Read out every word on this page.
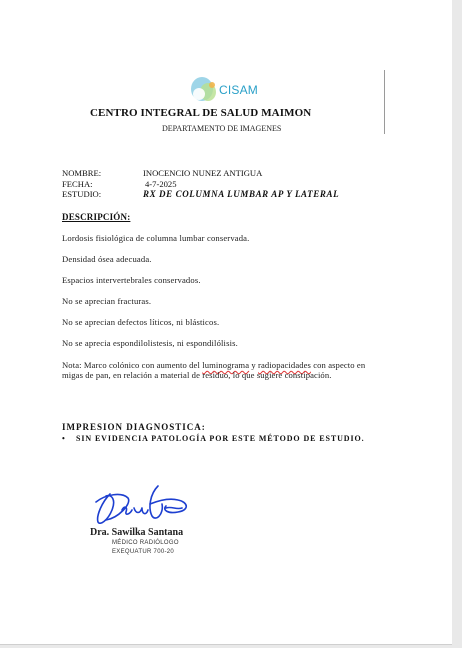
CISAM
CENTRO INTEGRAL DE SALUD MAIMON
DEPARTAMENTO DE IMAGENES
NOMBRE:	INOCENCIO NUNEZ ANTIGUA
FECHA:	4-7-2025
ESTUDIO:	RX DE COLUMNA LUMBAR AP Y LATERAL
DESCRIPCIÓN:
Lordosis fisiológica de columna lumbar conservada.
Densidad ósea adecuada.
Espacios intervertebrales conservados.
No se aprecian fracturas.
No se aprecian defectos líticos, ni blásticos.
No se aprecia espondilolistesis, ni espondilólisis.
Nota: Marco colónico con aumento del luminograma y radiopacidades con aspecto en migas de pan, en relación a material de residuo, lo que sugiere constipación.
IMPRESION DIAGNOSTICA:
• SIN EVIDENCIA PATOLOGÍA POR ESTE MÉTODO DE ESTUDIO.
Dra. Sawilka Santana
MÉDICO RADIÓLOGO
EXEQUATUR 700-20
